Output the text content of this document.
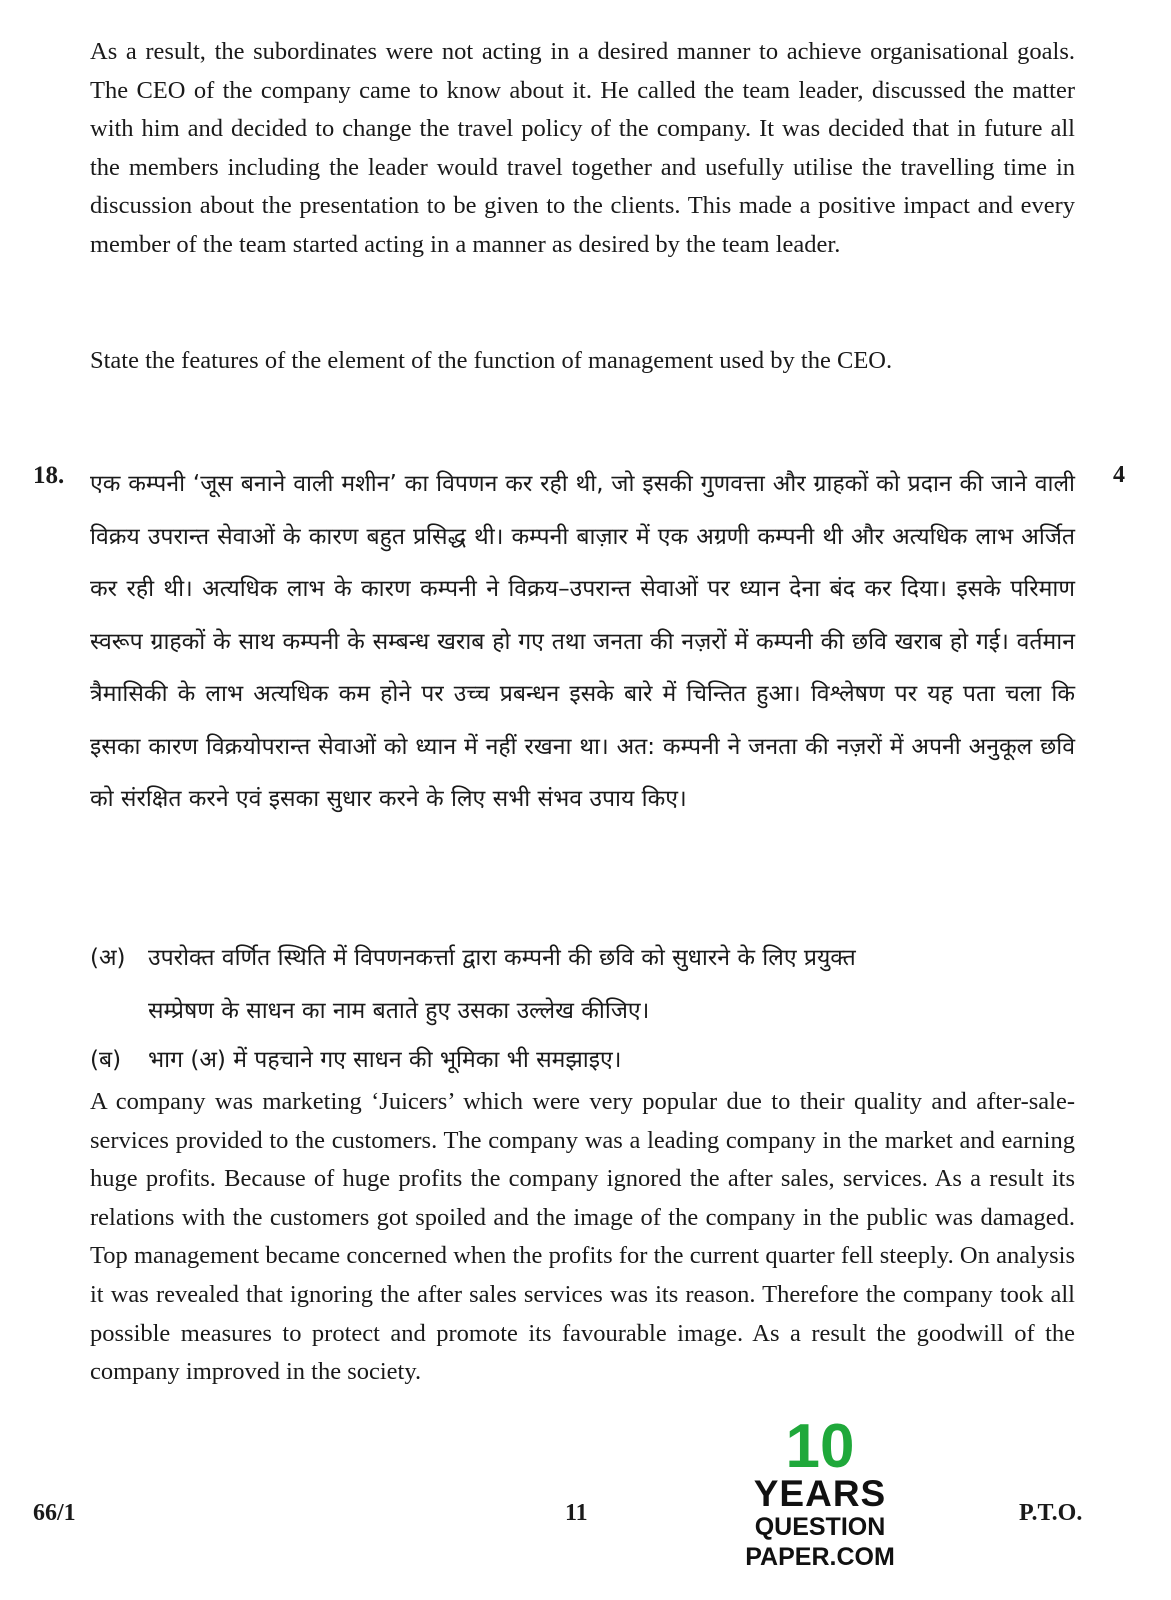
As a result, the subordinates were not acting in a desired manner to achieve organisational goals. The CEO of the company came to know about it. He called the team leader, discussed the matter with him and decided to change the travel policy of the company. It was decided that in future all the members including the leader would travel together and usefully utilise the travelling time in discussion about the presentation to be given to the clients. This made a positive impact and every member of the team started acting in a manner as desired by the team leader.
State the features of the element of the function of management used by the CEO.
18.	4
एक कम्पनी ‘जूस बनाने वाली मशीन’ का विपणन कर रही थी, जो इसकी गुणवत्ता और ग्राहकों को प्रदान की जाने वाली विक्रय उपरान्त सेवाओं के कारण बहुत प्रसिद्ध थी। कम्पनी बाज़ार में एक अग्रणी कम्पनी थी और अत्यधिक लाभ अर्जित कर रही थी। अत्यधिक लाभ के कारण कम्पनी ने विक्रय–उपरान्त सेवाओं पर ध्यान देना बंद कर दिया। इसके परिमाण स्वरूप ग्राहकों के साथ कम्पनी के सम्बन्ध खराब हो गए तथा जनता की नज़रों में कम्पनी की छवि खराब हो गई। वर्तमान त्रैमासिकी के लाभ अत्यधिक कम होने पर उच्च प्रबन्धन इसके बारे में चिन्तित हुआ। विश्लेषण पर यह पता चला कि इसका कारण विक्रयोपरान्त सेवाओं को ध्यान में नहीं रखना था। अत: कम्पनी ने जनता की नज़रों में अपनी अनुकूल छवि को संरक्षित करने एवं इसका सुधार करने के लिए सभी संभव उपाय किए।
(अ) उपरोक्त वर्णित स्थिति में विपणनकर्त्ता द्वारा कम्पनी की छवि को सुधारने के लिए प्रयुक्त
सम्प्रेषण के साधन का नाम बताते हुए उसका उल्लेख कीजिए।
(ब) भाग (अ) में पहचाने गए साधन की भूमिका भी समझाइए।
A company was marketing ‘Juicers’ which were very popular due to their quality and after-sale-services provided to the customers. The company was a leading company in the market and earning huge profits. Because of huge profits the company ignored the after sales, services. As a result its relations with the customers got spoiled and the image of the company in the public was damaged. Top management became concerned when the profits for the current quarter fell steeply. On analysis it was revealed that ignoring the after sales services was its reason. Therefore the company took all possible measures to protect and promote its favourable image. As a result the goodwill of the company improved in the society.
66/1	11	P.T.O.
10
YEARS
QUESTION PAPER.COM
